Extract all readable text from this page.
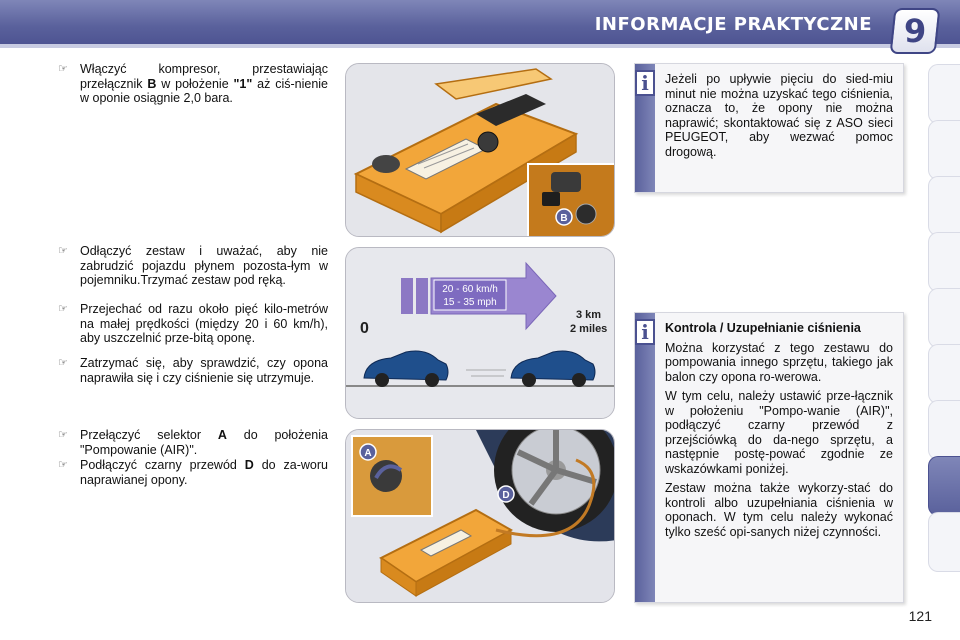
INFORMACJE PRAKTYCZNE 9
☞ Włączyć kompresor, przestawiając przełącznik B w położenie "1" aż ciś-nienie w oponie osiągnie 2,0 bara.
☞ Odłączyć zestaw i uważać, aby nie zabrudzić pojazdu płynem pozosta-łym w pojemniku.Trzymać zestaw pod ręką.
☞ Przejechać od razu około pięć kilo-metrów na małej prędkości (między 20 i 60 km/h), aby uszczelnić prze-bitą oponę.
☞ Zatrzymać się, aby sprawdzić, czy opona naprawiła się i czy ciśnienie się utrzymuje.
☞ Przełączyć selektor A do położenia "Pompowanie (AIR)".
☞ Podłączyć czarny przewód D do za-woru naprawianej opony.
B
20 - 60 km/h
15 - 35 mph
0
3 km
2 miles
A
D
i	Jeżeli po upływie pięciu do sied-miu minut nie można uzyskać tego ciśnienia, oznacza to, że opony nie można naprawić; skontaktować się z ASO sieci PEUGEOT, aby wezwać pomoc drogową.

i	Kontrola / Uzupełnianie ciśnienia

Można korzystać z tego zestawu do pompowania innego sprzętu, takiego jak balon czy opona ro-werowa.

W tym celu, należy ustawić prze-łącznik w położeniu "Pompo-wanie (AIR)", podłączyć czarny przewód z przejściówką do da-nego sprzętu, a następnie postę-pować zgodnie ze wskazówkami poniżej.

Zestaw można także wykorzy-stać do kontroli albo uzupełniania ciśnienia w oponach. W tym celu należy wykonać tylko sześć opi-sanych niżej czynności.

121
